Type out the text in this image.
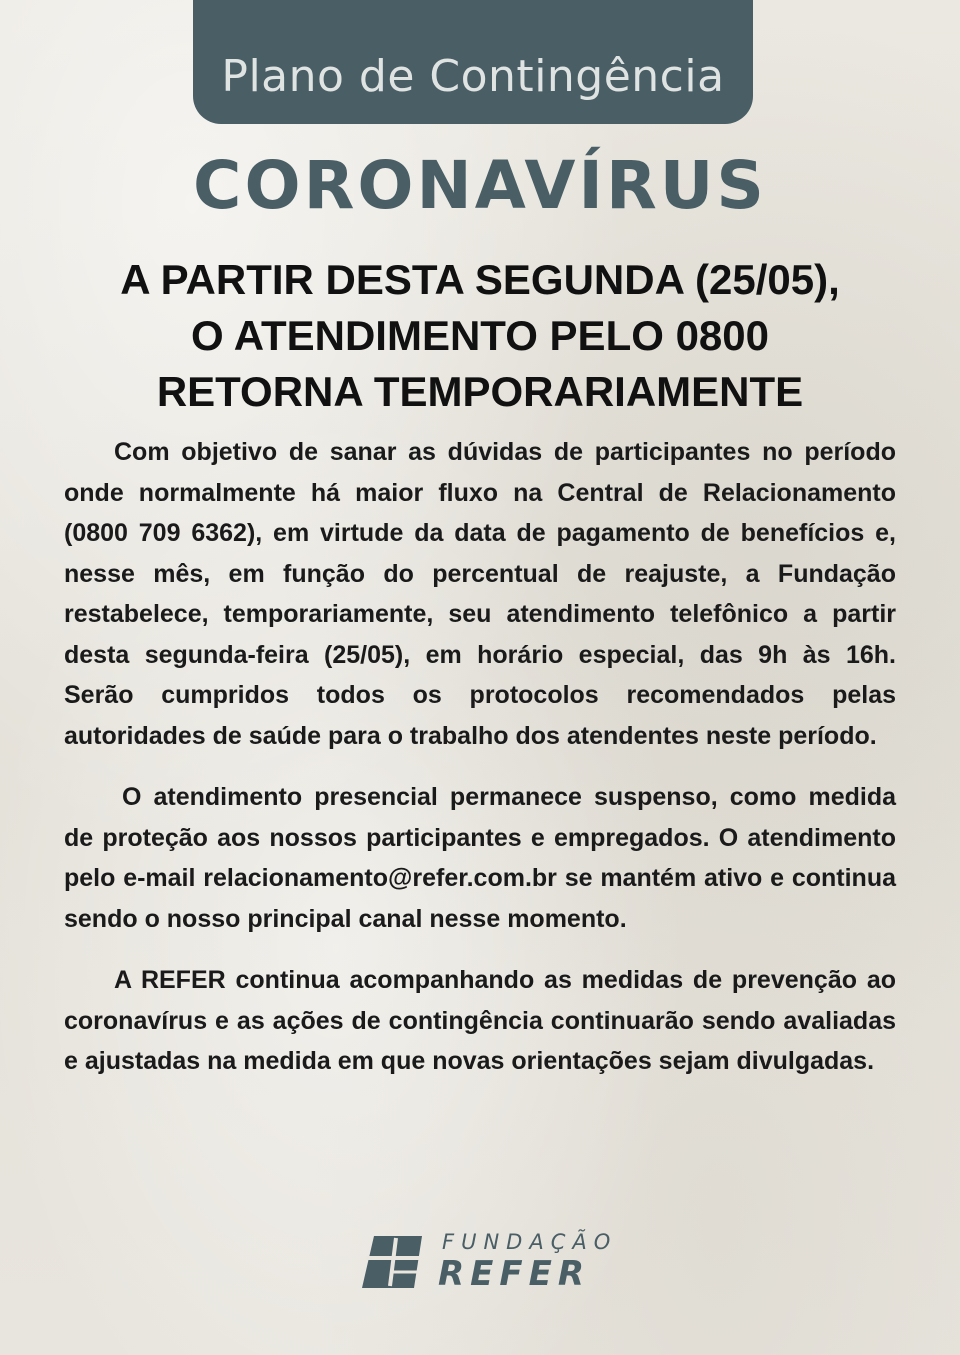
Plano de Contingência
CORONAVÍRUS
A PARTIR DESTA SEGUNDA (25/05),
O ATENDIMENTO PELO 0800
RETORNA TEMPORARIAMENTE

Com objetivo de sanar as dúvidas de participantes no período onde normalmente há maior fluxo na Central de Relacionamento (0800 709 6362), em virtude da data de pagamento de benefícios e, nesse mês, em função do percentual de reajuste, a Fundação restabelece, temporariamente, seu atendimento telefônico a partir desta segunda-feira (25/05), em horário especial, das 9h às 16h. Serão cumpridos todos os protocolos recomendados pelas autoridades de saúde para o trabalho dos atendentes neste período.

O atendimento presencial permanece suspenso, como medida de proteção aos nossos participantes e empregados. O atendimento pelo e-mail relacionamento@refer.com.br se mantém ativo e continua sendo o nosso principal canal nesse momento.

A REFER continua acompanhando as medidas de prevenção ao coronavírus e as ações de contingência continuarão sendo avaliadas e ajustadas na medida em que novas orientações sejam divulgadas.

FUNDAÇÃO
REFER
